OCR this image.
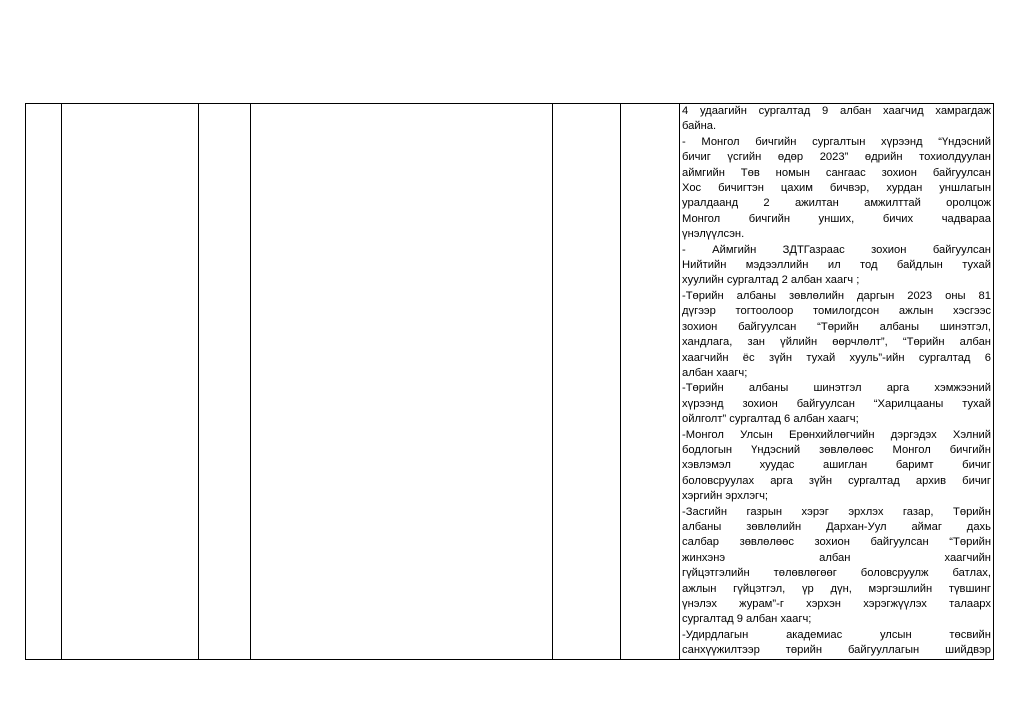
4 удаагийн сургалтад 9 албан хаагчид хамрагдаж
байна.
- Монгол бичгийн сургалтын хүрээнд “Үндэсний
бичиг үсгийн өдөр 2023” өдрийн тохиолдуулан
аймгийн Төв номын сангаас зохион байгуулсан
Хос бичигтэн цахим бичвэр, хурдан уншлагын
уралдаанд 2 ажилтан амжилттай оролцож
Монгол бичгийн унших, бичих чадвараа
үнэлүүлсэн.
- Аймгийн ЗДТГазраас зохион байгуулсан
Нийтийн мэдээллийн ил тод байдлын тухай
хуулийн сургалтад 2 албан хаагч ;
-Төрийн албаны зөвлөлийн даргын 2023 оны 81
дүгээр тогтоолоор томилогдсон ажлын хэсгээс
зохион байгуулсан “Төрийн албаны шинэтгэл,
хандлага, зан үйлийн өөрчлөлт”, “Төрийн албан
хаагчийн ёс зүйн тухай хууль”-ийн сургалтад 6
албан хаагч;
-Төрийн албаны шинэтгэл арга хэмжээний
хүрээнд зохион байгуулсан “Харилцааны тухай
ойлголт” сургалтад 6 албан хаагч;
-Монгол Улсын Ерөнхийлөгчийн дэргэдэх Хэлний
бодлогын Үндэсний зөвлөлөөс Монгол бичгийн
хэвлэмэл хуудас ашиглан баримт бичиг
боловсруулах арга зүйн сургалтад архив бичиг
хэргийн эрхлэгч;
-Засгийн газрын хэрэг эрхлэх газар, Төрийн
албаны зөвлөлийн Дархан-Уул аймаг дахь
салбар зөвлөлөөс зохион байгуулсан “Төрийн
жинхэнэ албан хаагчийн
гүйцэтгэлийн төлөвлөгөөг боловсруулж батлах,
ажлын гүйцэтгэл, үр дүн, мэргэшлийн түвшинг
үнэлэх журам”-г хэрхэн хэрэгжүүлэх талаарх
сургалтад 9 албан хаагч;
-Удирдлагын академиас улсын төсвийн
санхүүжилтээр төрийн байгууллагын шийдвэр
